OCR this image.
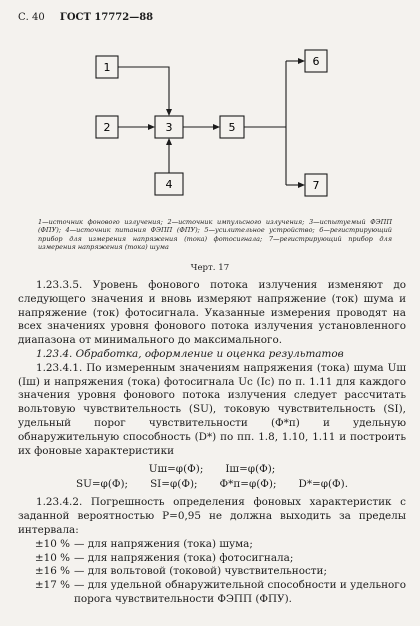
С. 40 ГОСТ 17772—88
1
2	3
4
5
6
7
1—источник фонового излучения; 2—источник импульсного излучения; 3—испытуемый ФЭПП (ФПУ); 4—источник питания ФЭПП (ФПУ); 5—усилительное устройство; 6—регистрирующий прибор для измерения напряжения (тока) фотосигнала; 7—регистрирующий прибор для измерения напряжения (тока) шума
Черт. 17

1.23.3.5. Уровень фонового потока излучения изменяют до следующего значения и вновь измеряют напряжение (ток) шума и напряжение (ток) фотосигнала. Указанные измерения проводят на всех значениях уровня фонового потока излучения установленного диапазона от минимального до максимального.

1.23.4. Обработка, оформление и оценка результатов

1.23.4.1. По измеренным значениям напряжения (тока) шума Uш (Iш) и напряжения (тока) фотосигнала Uс (Iс) по п. 1.11 для каждого значения уровня фонового потока излучения следует рассчитать вольтовую чувствительность (SU), токовую чувствительность (SI), удельный порог чувствительности (Ф*п) и удельную обнаружительную способность (D*) по пп. 1.8, 1.10, 1.11 и построить их фоновые характеристики

Uш=φ(Ф); Iш=φ(Ф);
SU=φ(Ф); SI=φ(Ф); Ф*п=φ(Ф); D*=φ(Ф).

1.23.4.2. Погрешность определения фоновых характеристик с заданной вероятностью P=0,95 не должна выходить за пределы интервала:

±10 % — для напряжения (тока) шума;
±10 % — для напряжения (тока) фотосигнала;
±16 % — для вольтовой (токовой) чувствительности;
±17 % — для удельной обнаружительной способности и удельного порога чувствительности ФЭПП (ФПУ).
